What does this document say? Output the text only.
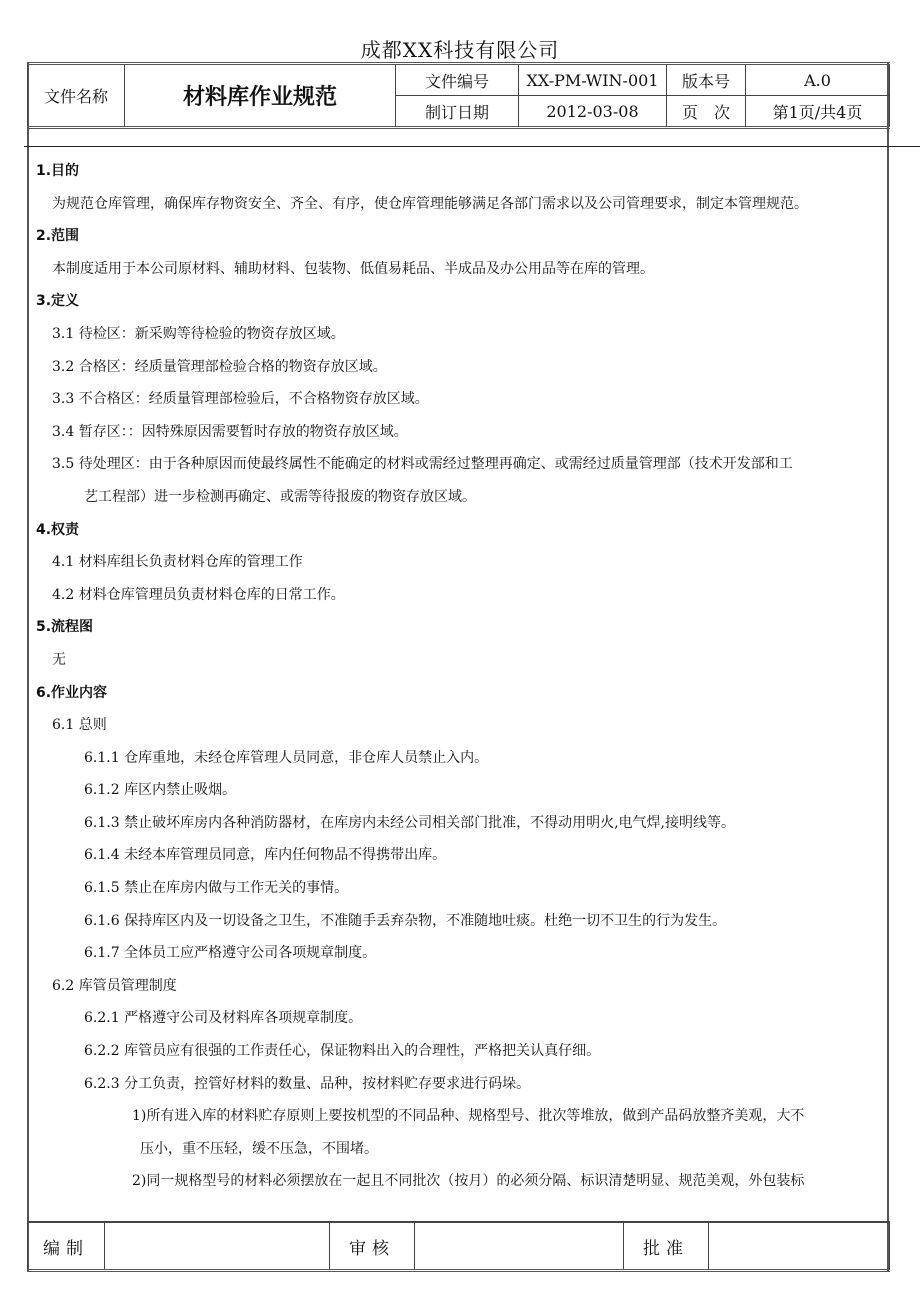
成都XX科技有限公司
文件名称	材料库作业规范	文件编号	XX-PM-WIN-001	版本号	A.0
		制订日期	2012-03-08	页　次	第1页/共4页
1.目的
为规范仓库管理，确保库存物资安全、齐全、有序，使仓库管理能够满足各部门需求以及公司管理要求，制定本管理规范。
2.范围
本制度适用于本公司原材料、辅助材料、包装物、低值易耗品、半成品及办公用品等在库的管理。
3.定义
3.1 待检区：新采购等待检验的物资存放区域。
3.2 合格区：经质量管理部检验合格的物资存放区域。
3.3 不合格区：经质量管理部检验后，不合格物资存放区域。
3.4 暂存区：：因特殊原因需要暂时存放的物资存放区域。
3.5 待处理区：由于各种原因而使最终属性不能确定的材料或需经过整理再确定、或需经过质量管理部（技术开发部和工
艺工程部）进一步检测再确定、或需等待报废的物资存放区域。
4.权责
4.1 材料库组长负责材料仓库的管理工作
4.2 材料仓库管理员负责材料仓库的日常工作。
5.流程图
无
6.作业内容
6.1 总则
6.1.1 仓库重地，未经仓库管理人员同意，非仓库人员禁止入内。
6.1.2 库区内禁止吸烟。
6.1.3 禁止破坏库房内各种消防器材，在库房内未经公司相关部门批准，不得动用明火,电气焊,接明线等。
6.1.4 未经本库管理员同意，库内任何物品不得携带出库。
6.1.5 禁止在库房内做与工作无关的事情。
6.1.6 保持库区内及一切设备之卫生，不准随手丢弃杂物，不准随地吐痰。杜绝一切不卫生的行为发生。
6.1.7 全体员工应严格遵守公司各项规章制度。
6.2 库管员管理制度
6.2.1 严格遵守公司及材料库各项规章制度。
6.2.2 库管员应有很强的工作责任心，保证物料出入的合理性，严格把关认真仔细。
6.2.3 分工负责，控管好材料的数量、品种，按材料贮存要求进行码垛。
1)所有进入库的材料贮存原则上要按机型的不同品种、规格型号、批次等堆放，做到产品码放整齐美观，大不
压小，重不压轻，缓不压急，不围堵。
2)同一规格型号的材料必须摆放在一起且不同批次（按月）的必须分隔、标识清楚明显、规范美观，外包装标
编制		审核		批准	
